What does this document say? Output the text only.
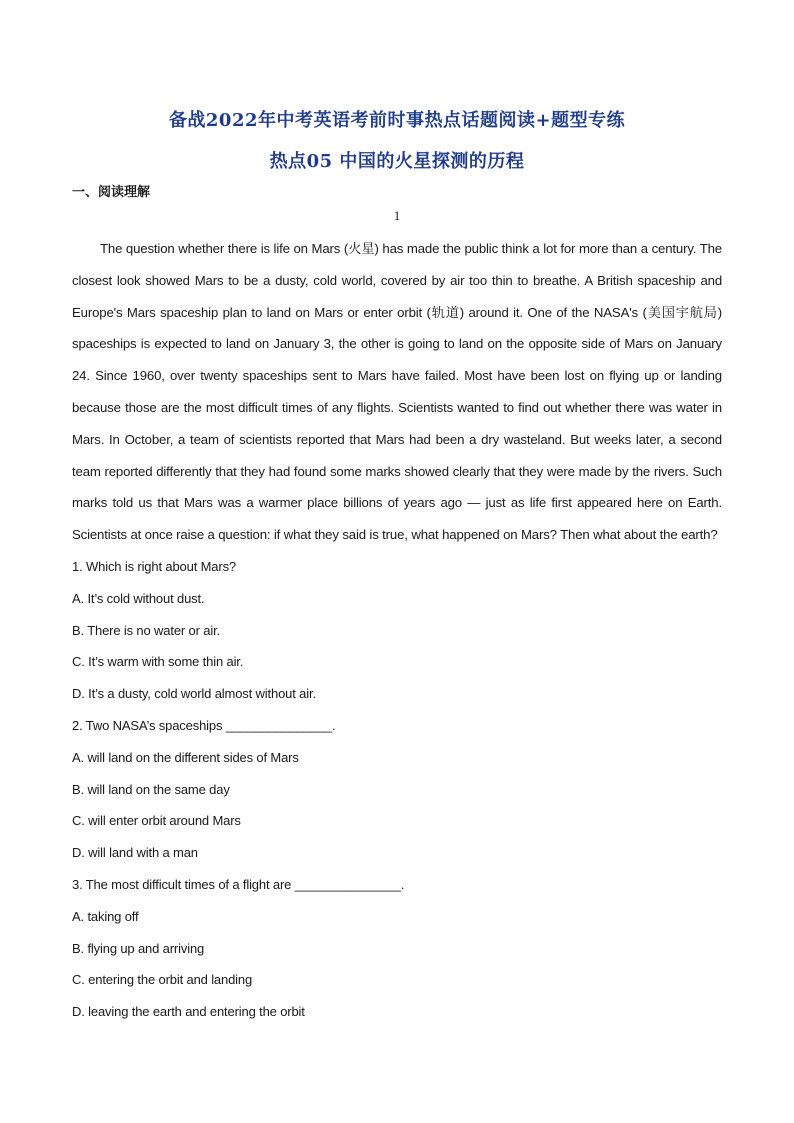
备战2022年中考英语考前时事热点话题阅读+题型专练
热点05 中国的火星探测的历程
一、阅读理解
1

The question whether there is life on Mars (火星) has made the public think a lot for more than a century. The closest look showed Mars to be a dusty, cold world, covered by air too thin to breathe. A British spaceship and Europe's Mars spaceship plan to land on Mars or enter orbit (轨道) around it. One of the NASA's (美国宇航局) spaceships is expected to land on January 3, the other is going to land on the opposite side of Mars on January 24. Since 1960, over twenty spaceships sent to Mars have failed. Most have been lost on flying up or landing because those are the most difficult times of any flights. Scientists wanted to find out whether there was water in Mars. In October, a team of scientists reported that Mars had been a dry wasteland. But weeks later, a second team reported differently that they had found some marks showed clearly that they were made by the rivers. Such marks told us that Mars was a warmer place billions of years ago — just as life first appeared here on Earth. Scientists at once raise a question: if what they said is true, what happened on Mars? Then what about the earth?

1. Which is right about Mars?
A. It’s cold without dust.
B. There is no water or air.
C. It’s warm with some thin air.
D. It’s a dusty, cold world almost without air.
2. Two NASA’s spaceships _______________.
A. will land on the different sides of Mars
B. will land on the same day
C. will enter orbit around Mars
D. will land with a man
3. The most difficult times of a flight are _______________.
A. taking off
B. flying up and arriving
C. entering the orbit and landing
D. leaving the earth and entering the orbit
